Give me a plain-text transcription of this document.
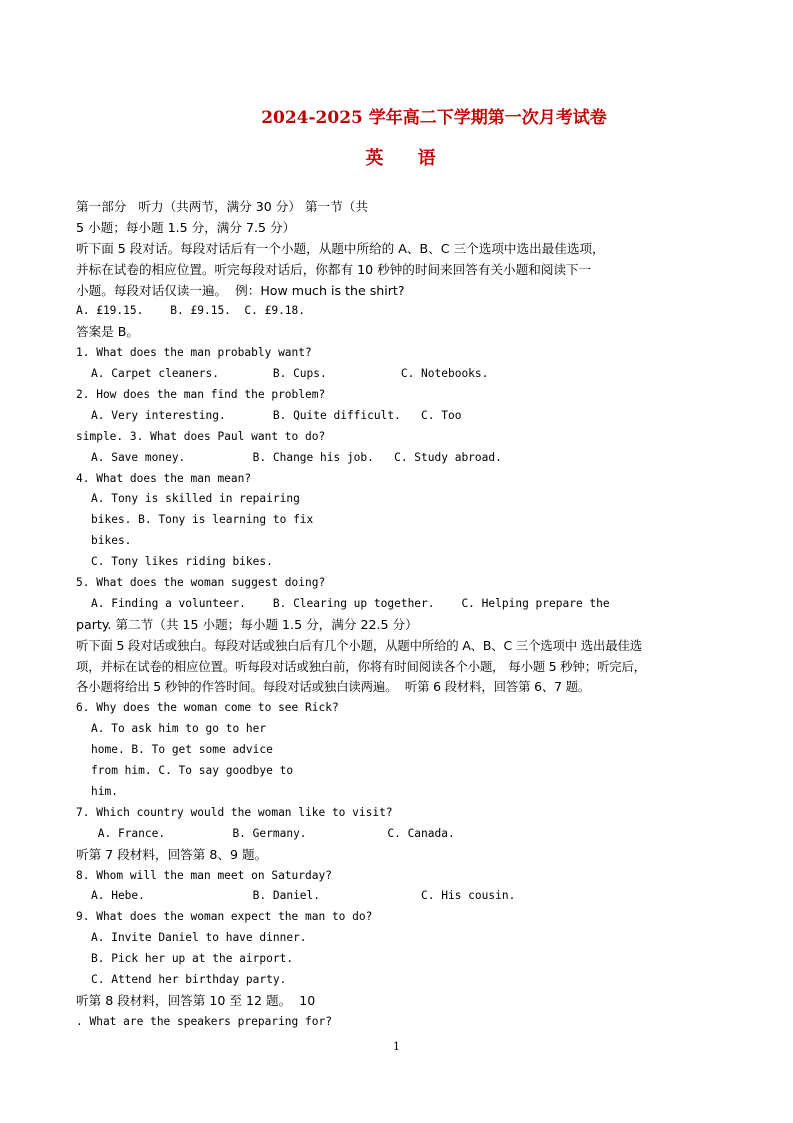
2024-2025 学年高二下学期第一次月考试卷
英 语
第一部分   听力（共两节，满分 30 分） 第一节（共
5 小题；每小题 1.5 分，满分 7.5 分）
听下面 5 段对话。每段对话后有一个小题，从题中所给的 A、B、C 三个选项中选出最佳选项，
并标在试卷的相应位置。听完每段对话后，你都有 10 秒钟的时间来回答有关小题和阅读下一
小题。每段对话仅读一遍。  例：How much is the shirt?
A. £19.15.    B. £9.15.  C. £9.18.
答案是 B。
1. What does the man probably want?
A. Carpet cleaners.        B. Cups.           C. Notebooks.
2. How does the man find the problem?
A. Very interesting.       B. Quite difficult.   C. Too
simple. 3. What does Paul want to do?
A. Save money.          B. Change his job.   C. Study abroad.
4. What does the man mean?
A. Tony is skilled in repairing
bikes. B. Tony is learning to fix
bikes.
C. Tony likes riding bikes.
5. What does the woman suggest doing?
A. Finding a volunteer.    B. Clearing up together.    C. Helping prepare the
party. 第二节（共 15 小题；每小题 1.5 分，满分 22.5 分）
听下面 5 段对话或独白。每段对话或独白后有几个小题，从题中所给的 A、B、C 三个选项中 选出最佳选
项，并标在试卷的相应位置。听每段对话或独白前，你将有时间阅读各个小题， 每小题 5 秒钟；听完后，
各小题将给出 5 秒钟的作答时间。每段对话或独白读两遍。  听第 6 段材料，回答第 6、7 题。
6. Why does the woman come to see Rick?
A. To ask him to go to her
home. B. To get some advice
from him. C. To say goodbye to
him.
7. Which country would the woman like to visit?
A. France.          B. Germany.            C. Canada.
听第 7 段材料，回答第 8、9 题。
8. Whom will the man meet on Saturday?
A. Hebe.                B. Daniel.               C. His cousin.
9. What does the woman expect the man to do?
A. Invite Daniel to have dinner.
B. Pick her up at the airport.
C. Attend her birthday party.
听第 8 段材料，回答第 10 至 12 题。  10
. What are the speakers preparing for?
1
